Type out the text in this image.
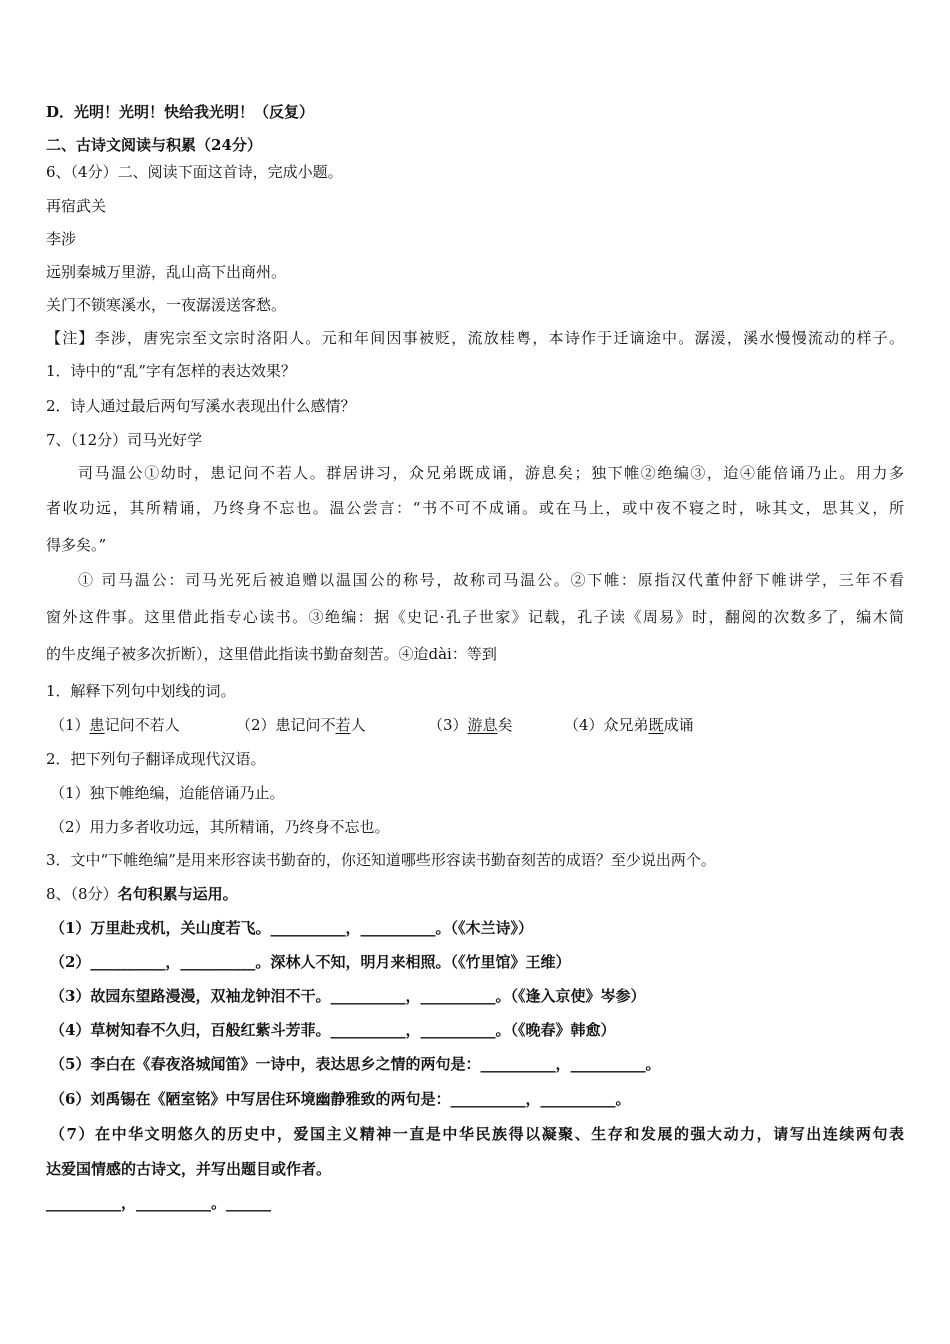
D．光明！光明！快给我光明！（反复）
二、古诗文阅读与积累（24分）
6、（4分）二、阅读下面这首诗，完成小题。
再宿武关
李涉
远别秦城万里游，乱山高下出商州。
关门不锁寒溪水，一夜潺湲送客愁。
【注】李涉，唐宪宗至文宗时洛阳人。元和年间因事被贬，流放桂粤，本诗作于迁谪途中。潺湲，溪水慢慢流动的样子。
1．诗中的“乱”字有怎样的表达效果？
2．诗人通过最后两句写溪水表现出什么感情？
7、（12分）司马光好学
司马温公①幼时，患记问不若人。群居讲习，众兄弟既成诵，游息矣；独下帷②绝编③，迨④能倍诵乃止。用力多
者收功远，其所精诵，乃终身不忘也。温公尝言：“书不可不成诵。或在马上，或中夜不寝之时，咏其文，思其义，所
得多矣。”
① 司马温公：司马光死后被追赠以温国公的称号，故称司马温公。②下帷：原指汉代董仲舒下帷讲学，三年不看
窗外这件事。这里借此指专心读书。③绝编：据《史记·孔子世家》记载，孔子读《周易》时，翻阅的次数多了，编木简
的牛皮绳子被多次折断），这里借此指读书勤奋刻苦。④迨dài：等到
1．解释下列句中划线的词。
（1）患记问不若人	（2）患记问不若人	（3）游息矣	（4）众兄弟既成诵
2．把下列句子翻译成现代汉语。
（1）独下帷绝编，迨能倍诵乃止。
（2）用力多者收功远，其所精诵，乃终身不忘也。
3．文中“下帷绝编”是用来形容读书勤奋的，你还知道哪些形容读书勤奋刻苦的成语？至少说出两个。
8、（8分）名句积累与运用。
（1）万里赴戎机，关山度若飞。__________，__________。（《木兰诗》）
（2）__________，__________。深林人不知，明月来相照。（《竹里馆》王维）
（3）故园东望路漫漫，双袖龙钟泪不干。__________，__________。（《逢入京使》岑参）
（4）草树知春不久归，百般红紫斗芳菲。__________，__________。（《晚春》韩愈）
（5）李白在《春夜洛城闻笛》一诗中，表达思乡之情的两句是：__________，__________。
（6）刘禹锡在《陋室铭》中写居住环境幽静雅致的两句是：__________，__________。
（7）在中华文明悠久的历史中，爱国主义精神一直是中华民族得以凝聚、生存和发展的强大动力，请写出连续两句表
达爱国情感的古诗文，并写出题目或作者。
__________，__________。______
